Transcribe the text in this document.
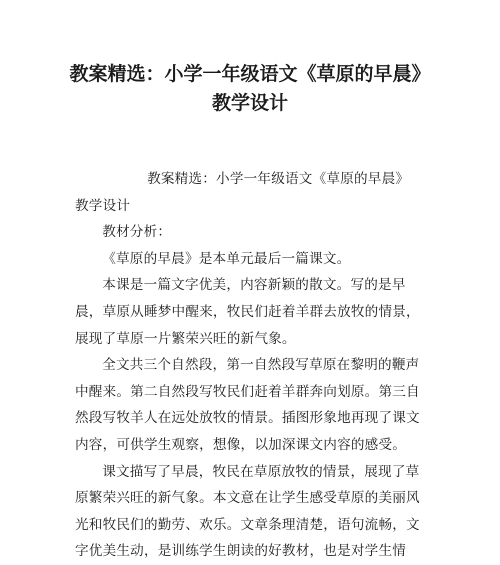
教案精选：小学一年级语文《草原的早晨》
教学设计

教案精选：小学一年级语文《草原的早晨》教学设计

教材分析：

《草原的早晨》是本单元最后一篇课文。

本课是一篇文字优美，内容新颖的散文。写的是早晨，草原从睡梦中醒来，牧民们赶着羊群去放牧的情景，展现了草原一片繁荣兴旺的新气象。

全文共三个自然段，第一自然段写草原在黎明的鞭声中醒来。第二自然段写牧民们赶着羊群奔向划原。第三自然段写牧羊人在远处放牧的情景。插图形象地再现了课文内容，可供学生观察，想像，以加深课文内容的感受。

课文描写了早晨，牧民在草原放牧的情景，展现了草原繁荣兴旺的新气象。本文意在让学生感受草原的美丽风光和牧民们的勤劳、欢乐。文章条理清楚，语句流畅，文字优美生动，是训练学生朗读的好教材，也是对学生情
